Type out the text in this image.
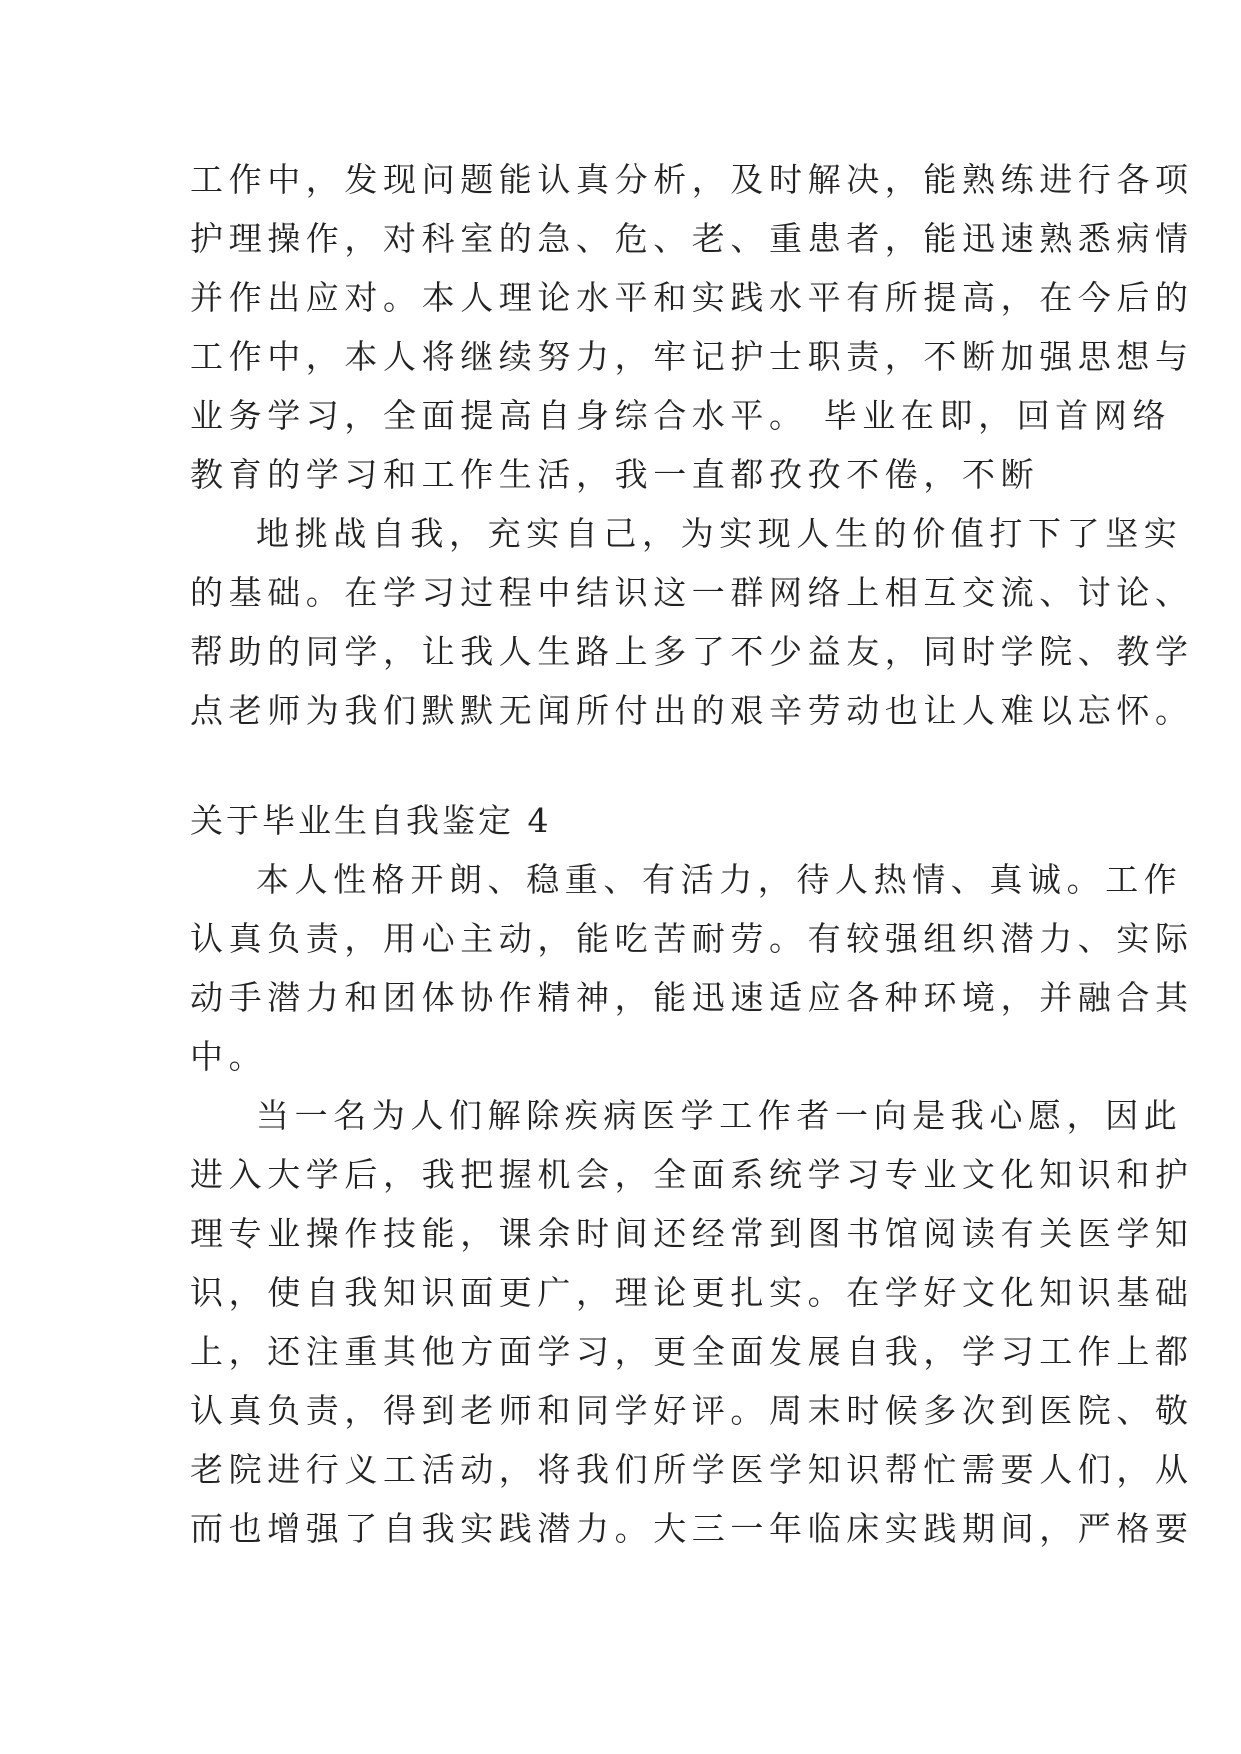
工作中，发现问题能认真分析，及时解决，能熟练进行各项
护理操作，对科室的急、危、老、重患者，能迅速熟悉病情
并作出应对。本人理论水平和实践水平有所提高，在今后的
工作中，本人将继续努力，牢记护士职责，不断加强思想与
业务学习，全面提高自身综合水平。 毕业在即，回首网络
教育的学习和工作生活，我一直都孜孜不倦，不断
地挑战自我，充实自己，为实现人生的价值打下了坚实
的基础。在学习过程中结识这一群网络上相互交流、讨论、
帮助的同学，让我人生路上多了不少益友，同时学院、教学
点老师为我们默默无闻所付出的艰辛劳动也让人难以忘怀。
关于毕业生自我鉴定 4
本人性格开朗、稳重、有活力，待人热情、真诚。工作
认真负责，用心主动，能吃苦耐劳。有较强组织潜力、实际
动手潜力和团体协作精神，能迅速适应各种环境，并融合其
中。
当一名为人们解除疾病医学工作者一向是我心愿，因此
进入大学后，我把握机会，全面系统学习专业文化知识和护
理专业操作技能，课余时间还经常到图书馆阅读有关医学知
识，使自我知识面更广，理论更扎实。在学好文化知识基础
上，还注重其他方面学习，更全面发展自我，学习工作上都
认真负责，得到老师和同学好评。周末时候多次到医院、敬
老院进行义工活动，将我们所学医学知识帮忙需要人们，从
而也增强了自我实践潜力。大三一年临床实践期间，严格要
